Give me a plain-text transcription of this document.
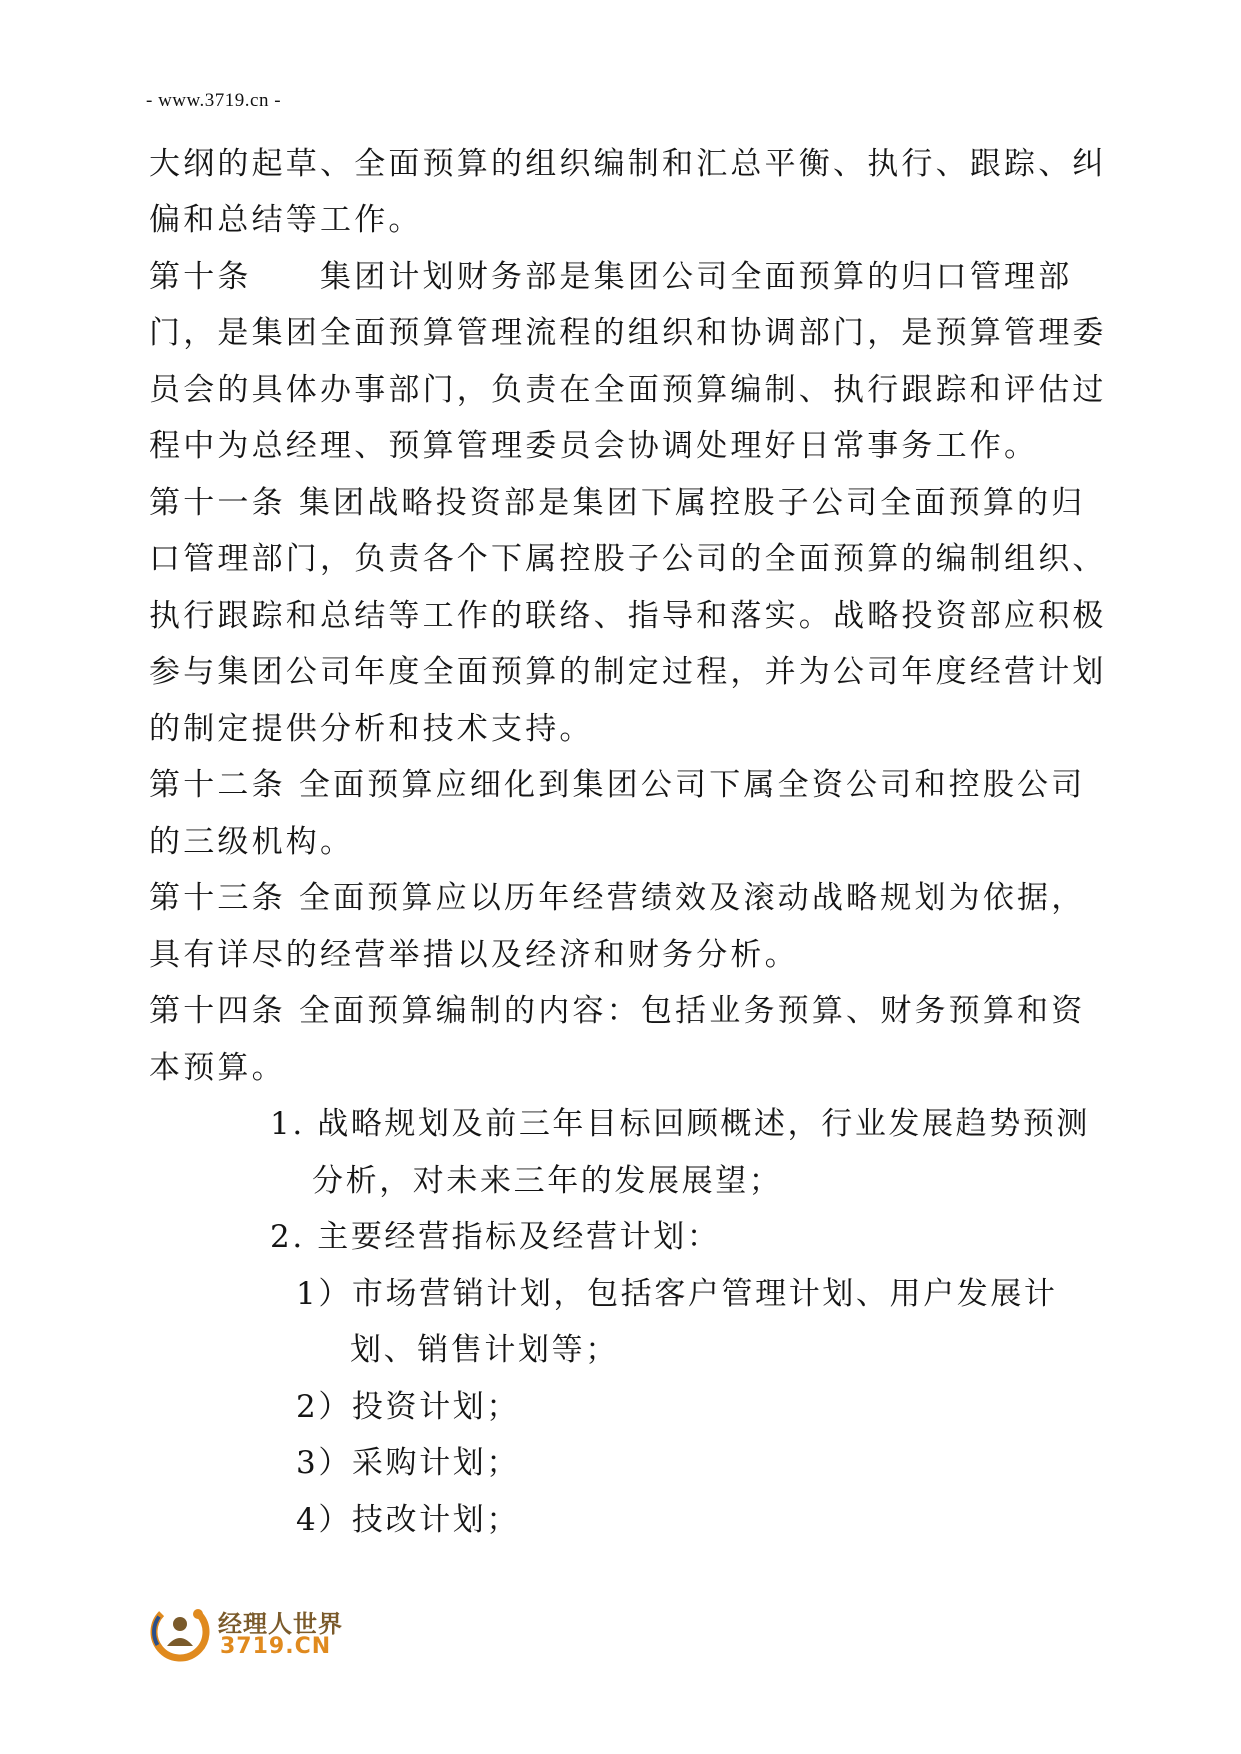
- www.3719.cn -
大纲的起草、全面预算的组织编制和汇总平衡、执行、跟踪、纠
偏和总结等工作。
第十条　　集团计划财务部是集团公司全面预算的归口管理部
门，是集团全面预算管理流程的组织和协调部门，是预算管理委
员会的具体办事部门，负责在全面预算编制、执行跟踪和评估过
程中为总经理、预算管理委员会协调处理好日常事务工作。
第十一条 集团战略投资部是集团下属控股子公司全面预算的归
口管理部门，负责各个下属控股子公司的全面预算的编制组织、
执行跟踪和总结等工作的联络、指导和落实。战略投资部应积极
参与集团公司年度全面预算的制定过程，并为公司年度经营计划
的制定提供分析和技术支持。
第十二条 全面预算应细化到集团公司下属全资公司和控股公司
的三级机构。
第十三条 全面预算应以历年经营绩效及滚动战略规划为依据，
具有详尽的经营举措以及经济和财务分析。
第十四条 全面预算编制的内容：包括业务预算、财务预算和资
本预算。
1. 战略规划及前三年目标回顾概述，行业发展趋势预测
分析，对未来三年的发展展望；
2. 主要经营指标及经营计划：
1）市场营销计划，包括客户管理计划、用户发展计
划、销售计划等；
2）投资计划；
3）采购计划；
4）技改计划；
经理人世界
3719.CN
